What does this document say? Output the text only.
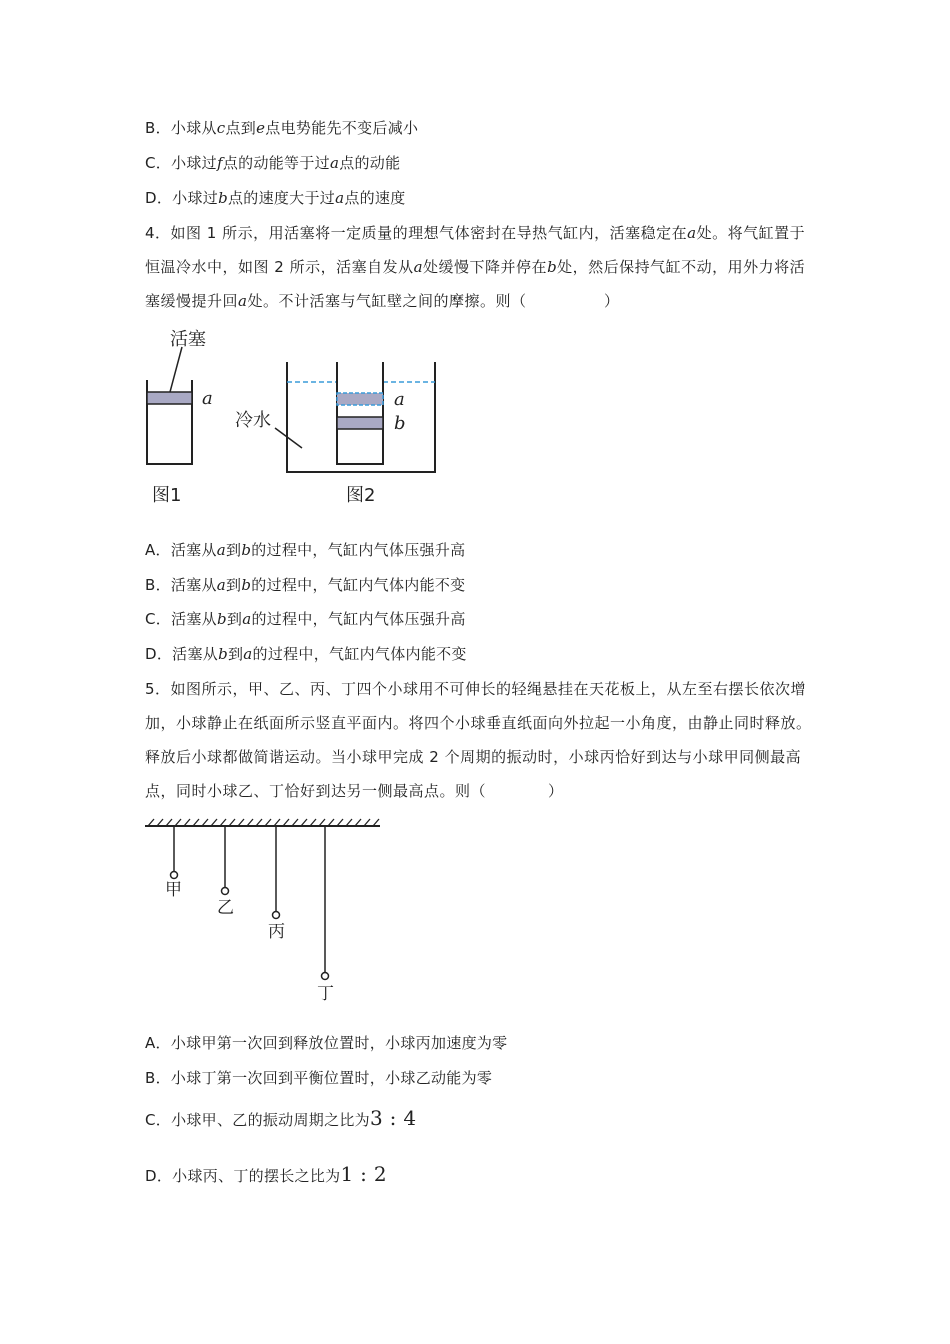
B．小球从c点到e点电势能先不变后减小
C．小球过f点的动能等于过a点的动能
D．小球过b点的速度大于过a点的速度
4．如图 1 所示，用活塞将一定质量的理想气体密封在导热气缸内，活塞稳定在a处。将气缸置于恒温冷水中，如图 2 所示，活塞自发从a处缓慢下降并停在b处，然后保持气缸不动，用外力将活塞缓慢提升回a处。不计活塞与气缸壁之间的摩擦。则（　　　　　）
活塞
a
图1
a
b
冷水
图2
A．活塞从a到b的过程中，气缸内气体压强升高
B．活塞从a到b的过程中，气缸内气体内能不变
C．活塞从b到a的过程中，气缸内气体压强升高
D．活塞从b到a的过程中，气缸内气体内能不变
5．如图所示，甲、乙、丙、丁四个小球用不可伸长的轻绳悬挂在天花板上，从左至右摆长依次增加，小球静止在纸面所示竖直平面内。将四个小球垂直纸面向外拉起一小角度，由静止同时释放。释放后小球都做简谐运动。当小球甲完成 2 个周期的振动时，小球丙恰好到达与小球甲同侧最高点，同时小球乙、丁恰好到达另一侧最高点。则（　　　　）
甲
乙
丙
丁
A．小球甲第一次回到释放位置时，小球丙加速度为零
B．小球丁第一次回到平衡位置时，小球乙动能为零
C．小球甲、乙的振动周期之比为3 : 4
D．小球丙、丁的摆长之比为1 : 2
